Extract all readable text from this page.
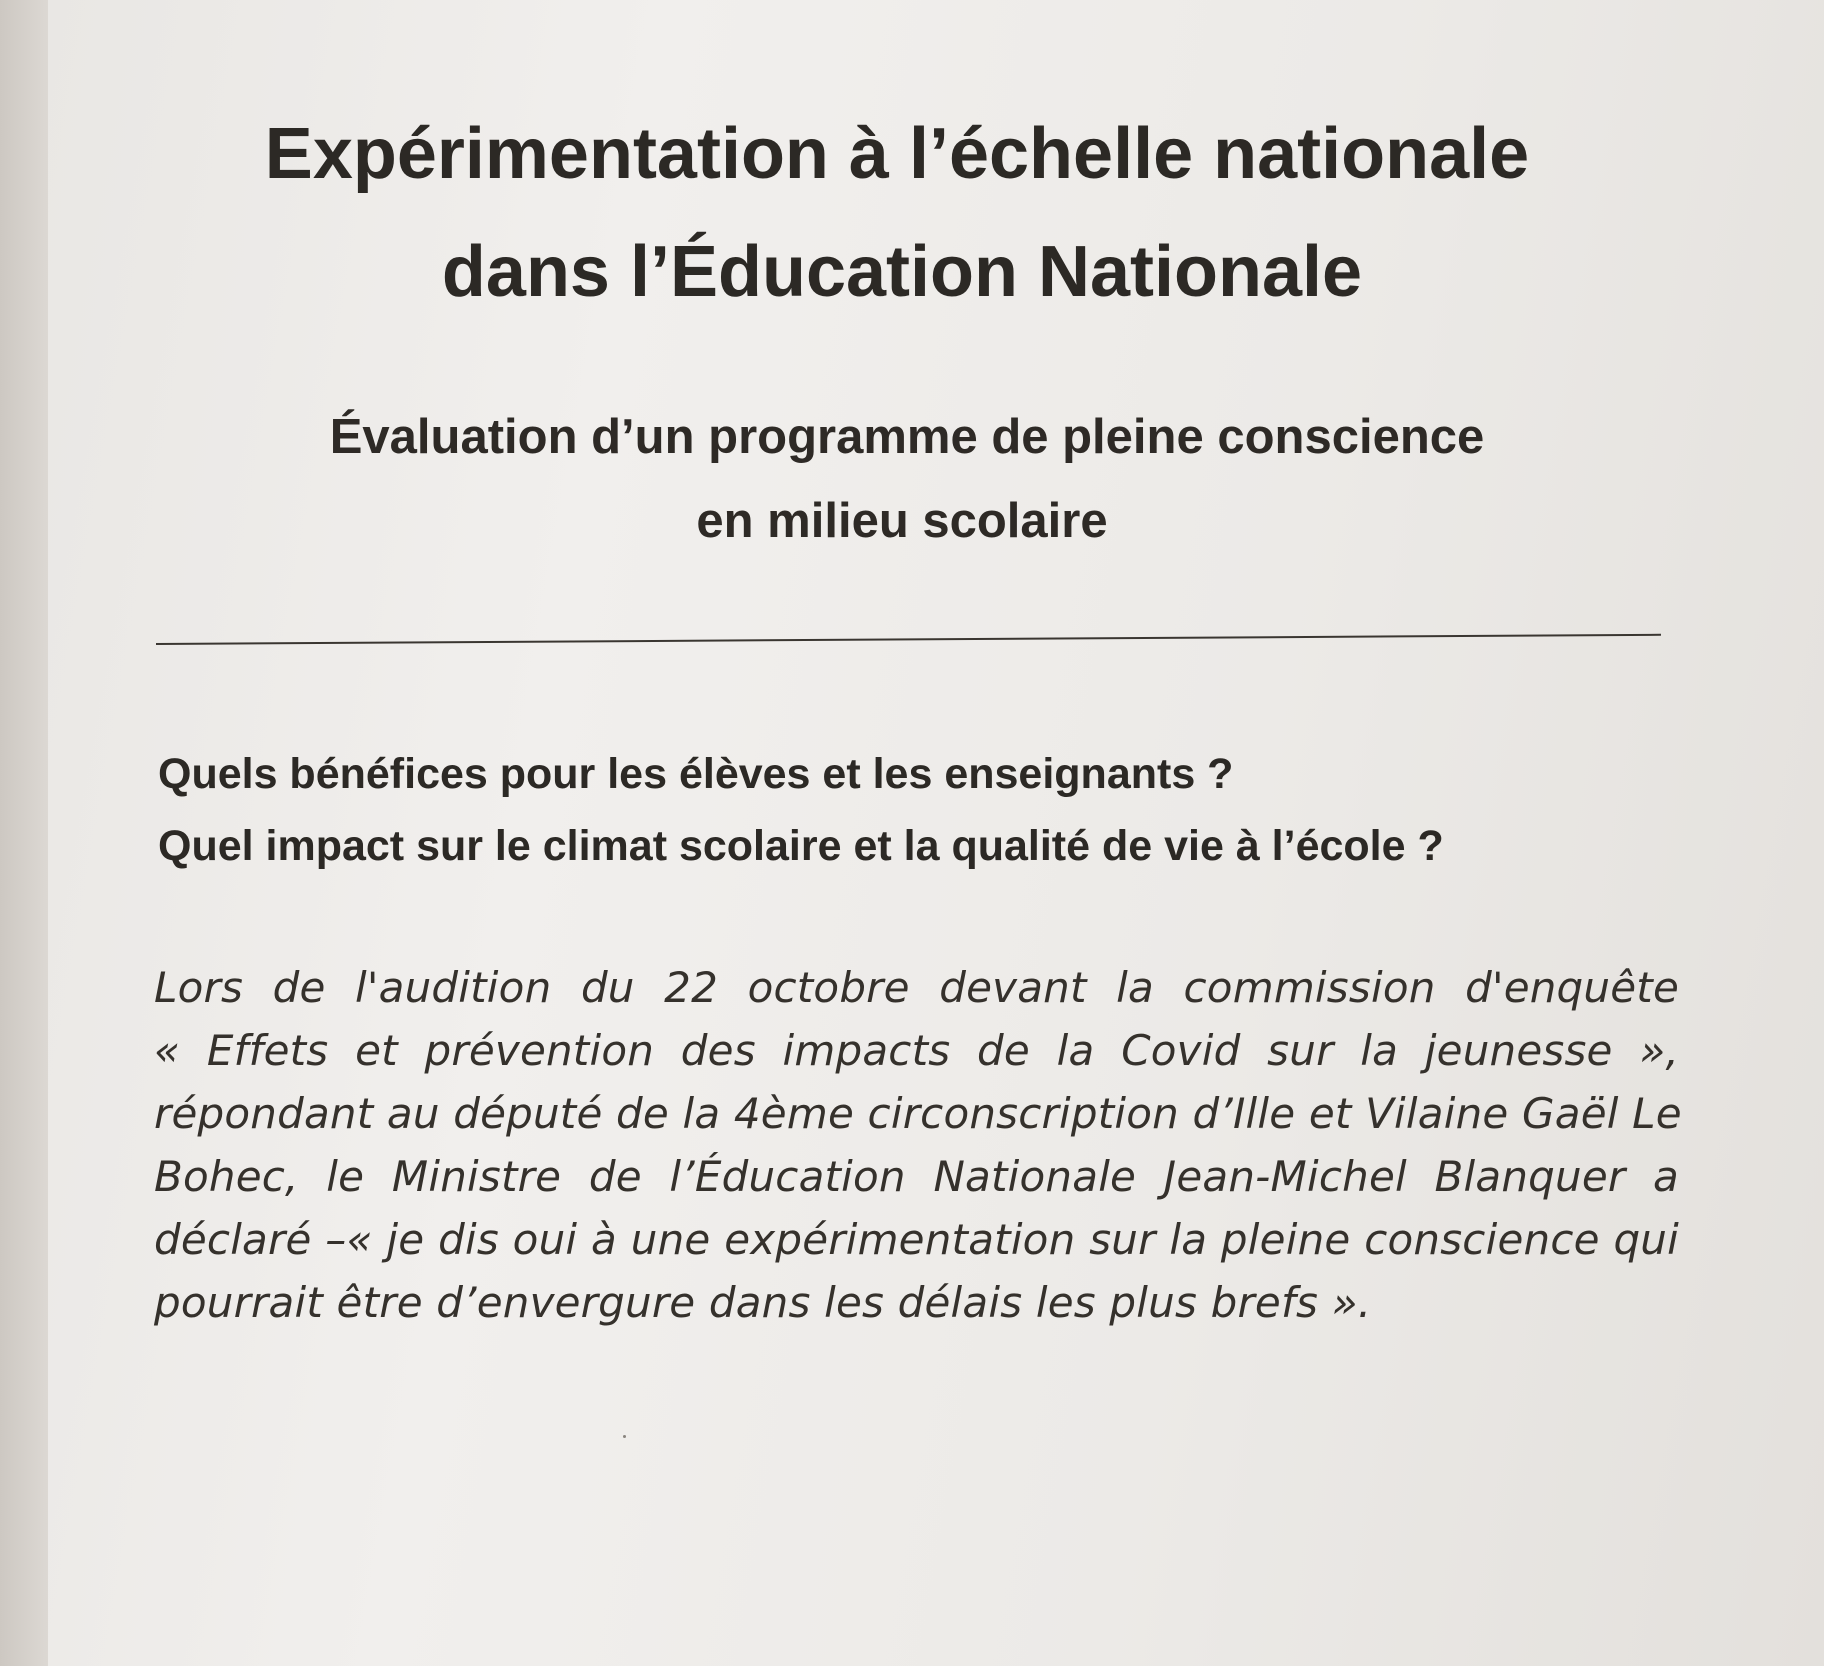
Expérimentation à l’échelle nationale
dans l’Éducation Nationale
Évaluation d’un programme de pleine conscience
en milieu scolaire
Quels bénéfices pour les élèves et les enseignants ?
Quel impact sur le climat scolaire et la qualité de vie à l’école ?
Lors de l'audition du 22 octobre devant la commission d'enquête
« Effets et prévention des impacts de la Covid sur la jeunesse »,
répondant au député de la 4ème circonscription d’Ille et Vilaine Gaël Le
Bohec, le Ministre de l’Éducation Nationale Jean-Michel Blanquer a
déclaré –« je dis oui à une expérimentation sur la pleine conscience qui
pourrait être d’envergure dans les délais les plus brefs ».
